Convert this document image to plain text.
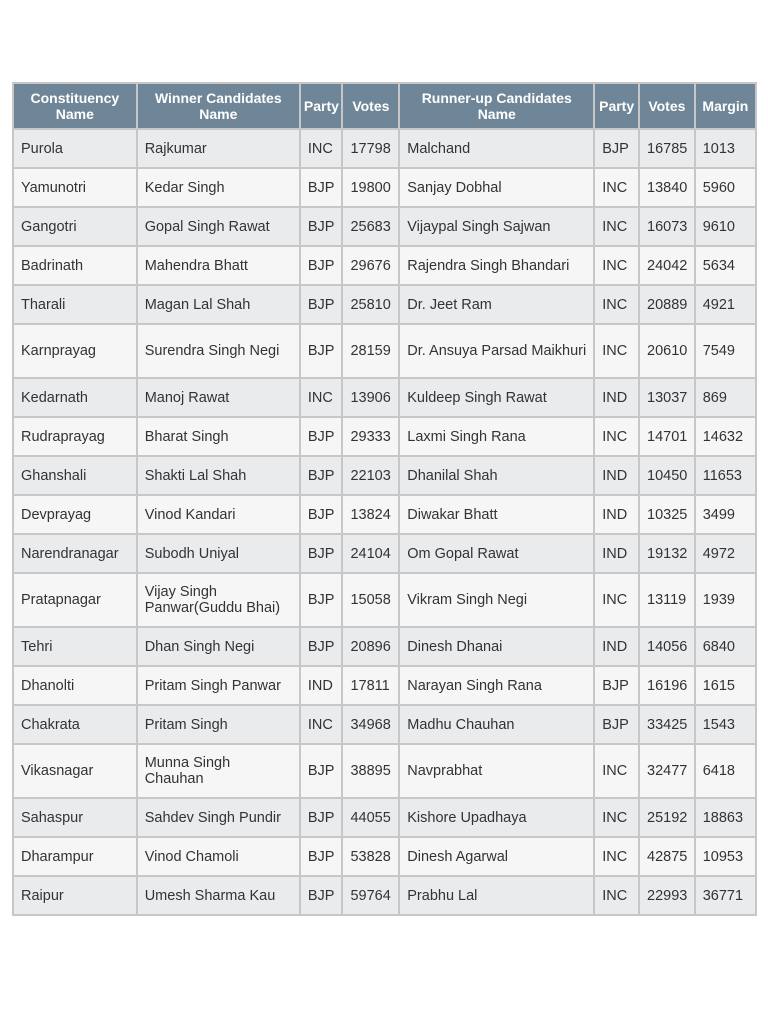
Constituency Name	Winner Candidates Name	Party	Votes	Runner-up Candidates Name	Party	Votes	Margin
Purola	Rajkumar	INC	17798	Malchand	BJP	16785	1013
Yamunotri	Kedar Singh	BJP	19800	Sanjay Dobhal	INC	13840	5960
Gangotri	Gopal Singh Rawat	BJP	25683	Vijaypal Singh Sajwan	INC	16073	9610
Badrinath	Mahendra Bhatt	BJP	29676	Rajendra Singh Bhandari	INC	24042	5634
Tharali	Magan Lal Shah	BJP	25810	Dr. Jeet Ram	INC	20889	4921
Karnprayag	Surendra Singh Negi	BJP	28159	Dr. Ansuya Parsad Maikhuri	INC	20610	7549
Kedarnath	Manoj Rawat	INC	13906	Kuldeep Singh Rawat	IND	13037	869
Rudraprayag	Bharat Singh	BJP	29333	Laxmi Singh Rana	INC	14701	14632
Ghanshali	Shakti Lal Shah	BJP	22103	Dhanilal Shah	IND	10450	11653
Devprayag	Vinod Kandari	BJP	13824	Diwakar Bhatt	IND	10325	3499
Narendranagar	Subodh Uniyal	BJP	24104	Om Gopal Rawat	IND	19132	4972
Pratapnagar	Vijay Singh Panwar(Guddu Bhai)	BJP	15058	Vikram Singh Negi	INC	13119	1939
Tehri	Dhan Singh Negi	BJP	20896	Dinesh Dhanai	IND	14056	6840
Dhanolti	Pritam Singh Panwar	IND	17811	Narayan Singh Rana	BJP	16196	1615
Chakrata	Pritam Singh	INC	34968	Madhu Chauhan	BJP	33425	1543
Vikasnagar	Munna Singh Chauhan	BJP	38895	Navprabhat	INC	32477	6418
Sahaspur	Sahdev Singh Pundir	BJP	44055	Kishore Upadhaya	INC	25192	18863
Dharampur	Vinod Chamoli	BJP	53828	Dinesh Agarwal	INC	42875	10953
Raipur	Umesh Sharma Kau	BJP	59764	Prabhu Lal	INC	22993	36771
